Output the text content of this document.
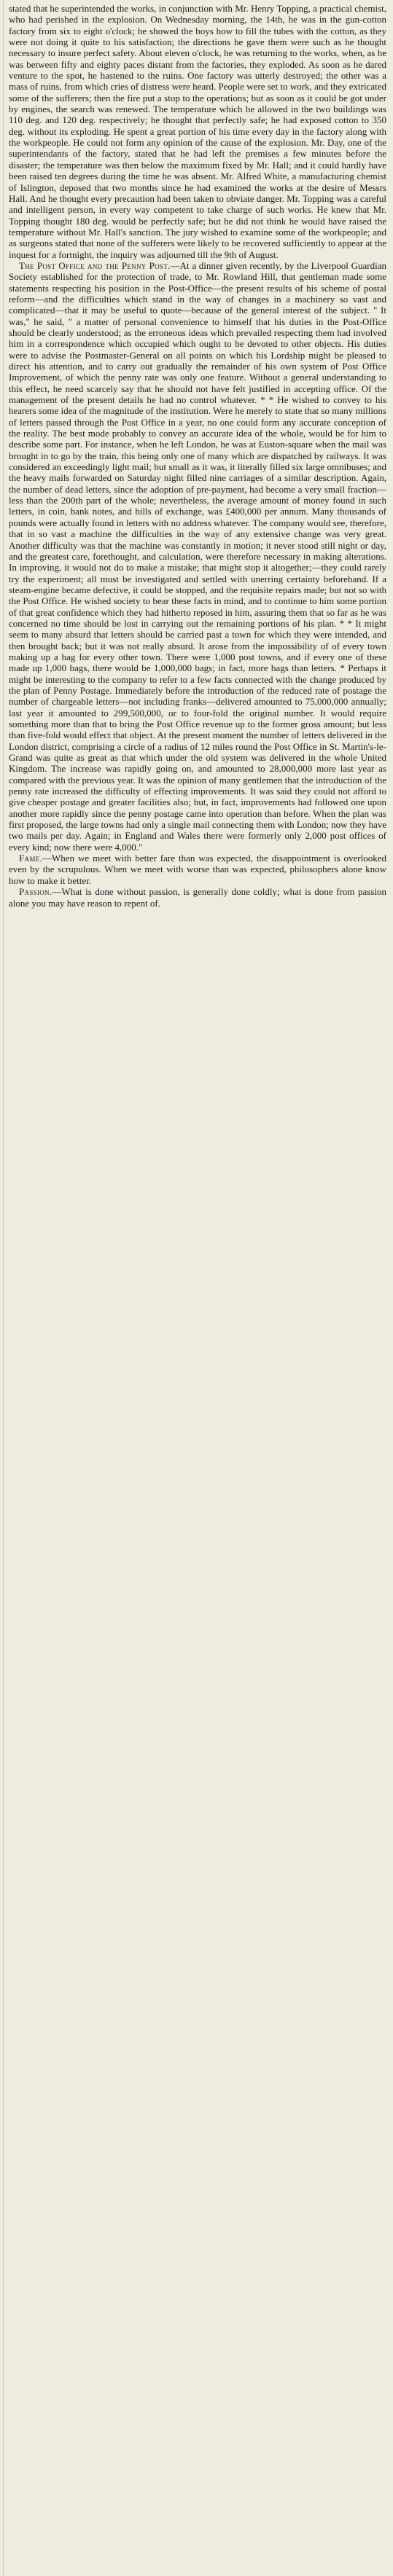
stated that he superintended the works, in conjunction with Mr. Henry Topping, a practical chemist, who had perished in the explosion. On Wednesday morning, the 14th, he was in the gun-cotton factory from six to eight o'clock; he showed the boys how to fill the tubes with the cotton, as they were not doing it quite to his satisfaction; the directions he gave them were such as he thought necessary to insure perfect safety. About eleven o'clock, he was returning to the works, when, as he was between fifty and eighty paces distant from the factories, they exploded. As soon as he dared venture to the spot, he hastened to the ruins. One factory was utterly destroyed; the other was a mass of ruins, from which cries of distress were heard. People were set to work, and they extricated some of the sufferers; then the fire put a stop to the operations; but as soon as it could be got under by engines, the search was renewed. The temperature which he allowed in the two buildings was 110 deg. and 120 deg. respectively; he thought that perfectly safe; he had exposed cotton to 350 deg. without its exploding. He spent a great portion of his time every day in the factory along with the workpeople. He could not form any opinion of the cause of the explosion. Mr. Day, one of the superintendants of the factory, stated that he had left the premises a few minutes before the disaster; the temperature was then below the maximum fixed by Mr. Hall; and it could hardly have been raised ten degrees during the time he was absent. Mr. Alfred White, a manufacturing chemist of Islington, deposed that two months since he had examined the works at the desire of Messrs Hall. And he thought every precaution had been taken to obviate danger. Mr. Topping was a careful and intelligent person, in every way competent to take charge of such works. He knew that Mr. Topping thought 180 deg. would be perfectly safe; but he did not think he would have raised the temperature without Mr. Hall's sanction. The jury wished to examine some of the workpeople; and as surgeons stated that none of the sufferers were likely to be recovered sufficiently to appear at the inquest for a fortnight, the inquiry was adjourned till the 9th of August.

The Post Office and the Penny Post.—At a dinner given recently, by the Liverpool Guardian Society established for the protection of trade, to Mr. Rowland Hill, that gentleman made some statements respecting his position in the Post-Office—the present results of his scheme of postal reform—and the difficulties which stand in the way of changes in a machinery so vast and complicated—that it may be useful to quote—because of the general interest of the subject. " It was," he said, " a matter of personal convenience to himself that his duties in the Post-Office should be clearly understood; as the erroneous ideas which prevailed respecting them had involved him in a correspondence which occupied which ought to be devoted to other objects. His duties were to advise the Postmaster-General on all points on which his Lordship might be pleased to direct his attention, and to carry out gradually the remainder of his own system of Post Office Improvement, of which the penny rate was only one feature. Without a general understanding to this effect, he need scarcely say that he should not have felt justified in accepting office. Of the management of the present details he had no control whatever. * * He wished to convey to his hearers some idea of the magnitude of the institution. Were he merely to state that so many millions of letters passed through the Post Office in a year, no one could form any accurate conception of the reality. The best mode probably to convey an accurate idea of the whole, would be for him to describe some part. For instance, when he left London, he was at Euston-square when the mail was brought in to go by the train, this being only one of many which are dispatched by railways. It was considered an exceedingly light mail; but small as it was, it literally filled six large omnibuses; and the heavy mails forwarded on Saturday night filled nine carriages of a similar description. Again, the number of dead letters, since the adoption of pre-payment, had become a very small fraction—less than the 200th part of the whole; nevertheless, the average amount of money found in such letters, in coin, bank notes, and bills of exchange, was £400,000 per annum. Many thousands of pounds were actually found in letters with no address whatever. The company would see, therefore, that in so vast a machine the difficulties in the way of any extensive change was very great. Another difficulty was that the machine was constantly in motion; it never stood still night or day, and the greatest care, forethought, and calculation, were therefore necessary in making alterations. In improving, it would not do to make a mistake; that might stop it altogether;—they could rarely try the experiment; all must be investigated and settled with unerring certainty beforehand. If a steam-engine became defective, it could be stopped, and the requisite repairs made; but not so with the Post Office. He wished society to bear these facts in mind, and to continue to him some portion of that great confidence which they had hitherto reposed in him, assuring them that so far as he was concerned no time should be lost in carrying out the remaining portions of his plan. * * It might seem to many absurd that letters should be carried past a town for which they were intended, and then brought back; but it was not really absurd. It arose from the impossibility of of every town making up a bag for every other town. There were 1,000 post towns, and if every one of these made up 1,000 bags, there would be 1,000,000 bags; in fact, more bags than letters. * Perhaps it might be interesting to the company to refer to a few facts connected with the change produced by the plan of Penny Postage. Immediately before the introduction of the reduced rate of postage the number of chargeable letters—not including franks—delivered amounted to 75,000,000 annually; last year it amounted to 299,500,000, or to four-fold the original number. It would require something more than that to bring the Post Office revenue up to the former gross amount; but less than five-fold would effect that object. At the present moment the number of letters delivered in the London district, comprising a circle of a radius of 12 miles round the Post Office in St. Martin's-le-Grand was quite as great as that which under the old system was delivered in the whole United Kingdom. The increase was rapidly going on, and amounted to 28,000,000 more last year as compared with the previous year. It was the opinion of many gentlemen that the introduction of the penny rate increased the difficulty of effecting improvements. It was said they could not afford to give cheaper postage and greater facilities also; but, in fact, improvements had followed one upon another more rapidly since the penny postage came into operation than before. When the plan was first proposed, the large towns had only a single mail connecting them with London; now they have two mails per day. Again; in England and Wales there were formerly only 2,000 post offices of every kind; now there were 4,000."

Fame.—When we meet with better fare than was expected, the disappointment is overlooked even by the scrupulous. When we meet with worse than was expected, philosophers alone know how to make it better.

Passion.—What is done without passion, is generally done coldly; what is done from passion alone you may have reason to repent of.
